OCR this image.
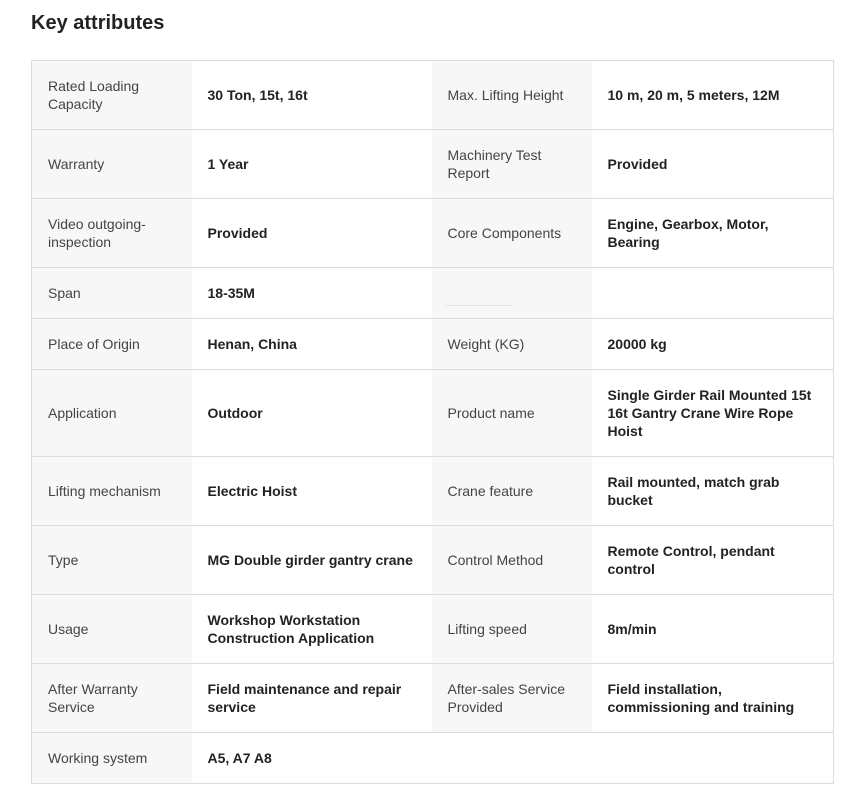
Key attributes
Rated Loading Capacity	30 Ton, 15t, 16t	Max. Lifting Height	10 m, 20 m, 5 meters, 12M
Warranty	1 Year	Machinery Test Report	Provided
Video outgoing-inspection	Provided	Core Components	Engine, Gearbox, Motor, Bearing
Span	18-35M	

Place of Origin	Henan, China	Weight (KG)	20000 kg
Application	Outdoor	Product name	Single Girder Rail Mounted 15t 16t Gantry Crane Wire Rope Hoist
Lifting mechanism	Electric Hoist	Crane feature	Rail mounted, match grab bucket
Type	MG Double girder gantry crane	Control Method	Remote Control, pendant control
Usage	Workshop Workstation Construction Application	Lifting speed	8m/min
After Warranty Service	Field maintenance and repair service	After-sales Service Provided	Field installation, commissioning and training
Working system	A5, A7 A8		
